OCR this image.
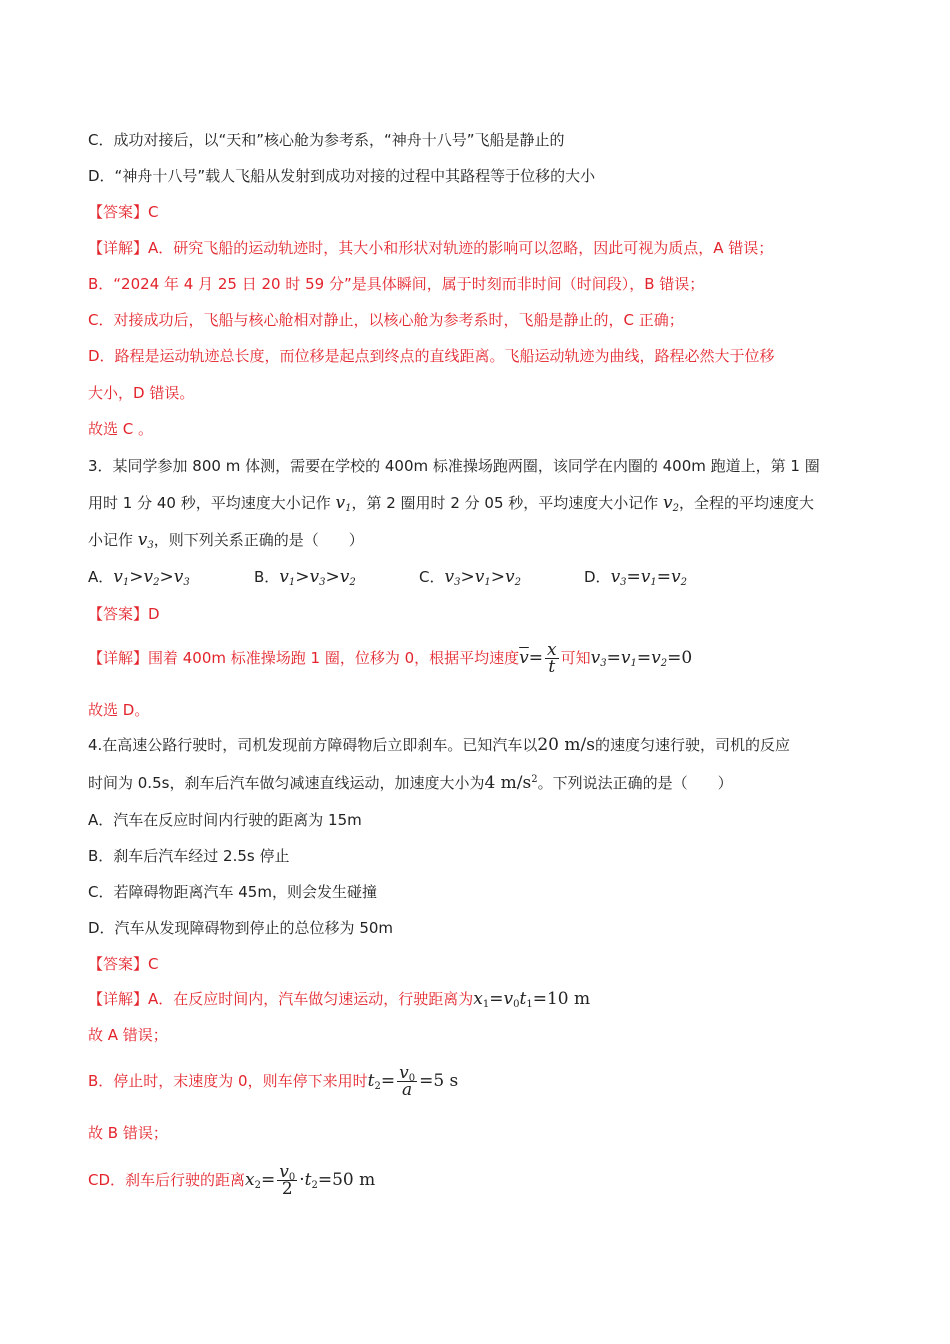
C．成功对接后，以“天和”核心舱为参考系，“神舟十八号”飞船是静止的
D．“神舟十八号”载人飞船从发射到成功对接的过程中其路程等于位移的大小
【答案】C
【详解】A．研究飞船的运动轨迹时，其大小和形状对轨迹的影响可以忽略，因此可视为质点，A 错误；
B．“2024 年 4 月 25 日 20 时 59 分”是具体瞬间，属于时刻而非时间（时间段），B 错误；
C．对接成功后，飞船与核心舱相对静止，以核心舱为参考系时，飞船是静止的，C 正确；
D．路程是运动轨迹总长度，而位移是起点到终点的直线距离。飞船运动轨迹为曲线，路程必然大于位移
大小，D 错误。
故选 C 。
3．某同学参加 800 m 体测，需要在学校的 400m 标准操场跑两圈，该同学在内圈的 400m 跑道上，第 1 圈
用时 1 分 40 秒，平均速度大小记作 $v_1$，第 2 圈用时 2 分 05 秒，平均速度大小记作 $v_2$，全程的平均速度大
小记作 $v_3$，则下列关系正确的是（　　）
A．$v_1>v_2>v_3$	B．$v_1>v_3>v_2$	C．$v_3>v_1>v_2$	D．$v_3=v_1=v_2$
【答案】D
【详解】围着 400m 标准操场跑 1 圈，位移为 0，根据平均速度$\overline{v}= \frac{x}{t}$ 可知$v_3=v_1=v_2=0$
故选 D。
4.在高速公路行驶时，司机发现前方障碍物后立即刹车。已知汽车以20 m/s的速度匀速行驶，司机的反应
时间为 0.5s，刹车后汽车做匀减速直线运动，加速度大小为4 $m/s^2$。下列说法正确的是（　　）
A．汽车在反应时间内行驶的距离为 15m
B．刹车后汽车经过 2.5s 停止
C．若障碍物距离汽车 45m，则会发生碰撞
D．汽车从发现障碍物到停止的总位移为 50m
【答案】C
【详解】A．在反应时间内，汽车做匀速运动，行驶距离为$x_1=v_0t_1=10$ m
故 A 错误；
B．停止时，末速度为 0，则车停下来用时$t_2= \frac{v_0}{a} =5$ s
故 B 错误；
CD．刹车后行驶的距离$x_2= \frac{v_0}{2} \cdot t_2=50$ m
